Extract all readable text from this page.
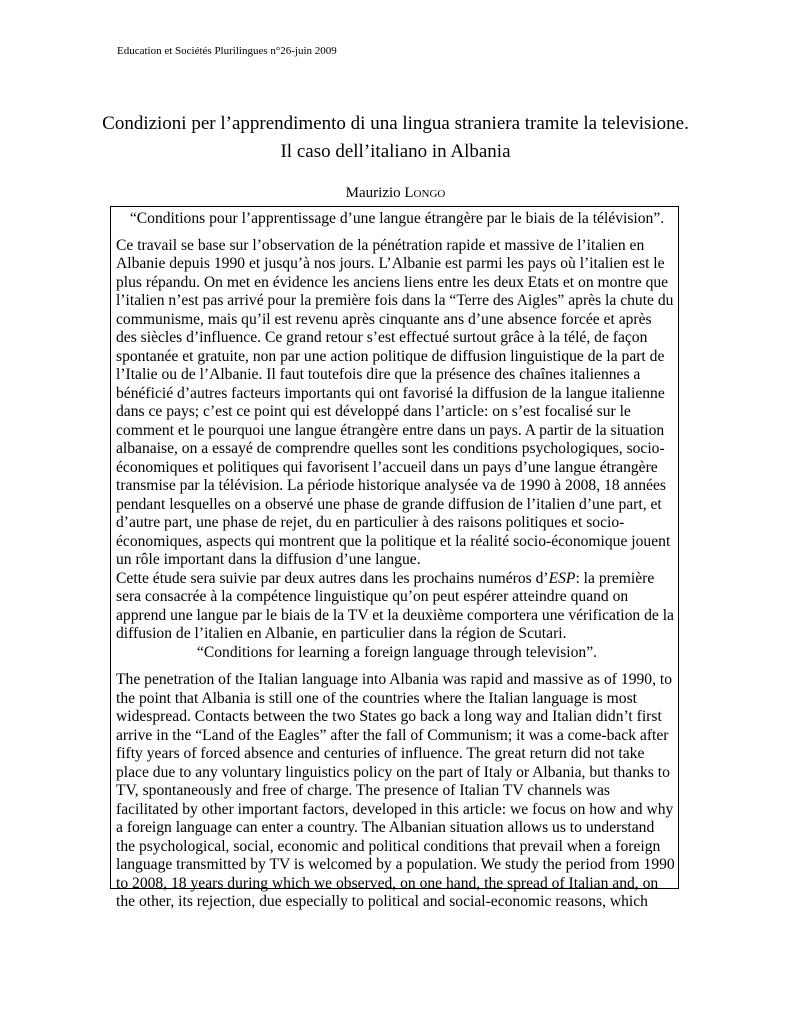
Education et Sociétés Plurilingues n°26-juin 2009
Condizioni per l’apprendimento di una lingua straniera tramite la televisione.
Il caso dell’italiano in Albania
Maurizio Longo

“Conditions pour l’apprentissage d’une langue étrangère par le biais de la télévision”.

Ce travail se base sur l’observation de la pénétration rapide et massive de l’italien en Albanie depuis 1990 et jusqu’à nos jours. L’Albanie est parmi les pays où l’italien est le plus répandu. On met en évidence les anciens liens entre les deux Etats et on montre que l’italien n’est pas arrivé pour la première fois dans la “Terre des Aigles” après la chute du communisme, mais qu’il est revenu après cinquante ans d’une absence forcée et après des siècles d’influence. Ce grand retour s’est effectué surtout grâce à la télé, de façon spontanée et gratuite, non par une action politique de diffusion linguistique de la part de l’Italie ou de l’Albanie. Il faut toutefois dire que la présence des chaînes italiennes a bénéficié d’autres facteurs importants qui ont favorisé la diffusion de la langue italienne dans ce pays; c’est ce point qui est développé dans l’article: on s’est focalisé sur le comment et le pourquoi une langue étrangère entre dans un pays. A partir de la situation albanaise, on a essayé de comprendre quelles sont les conditions psychologiques, socio-économiques et politiques qui favorisent l’accueil dans un pays d’une langue étrangère transmise par la télévision. La période historique analysée va de 1990 à 2008, 18 années pendant lesquelles on a observé une phase de grande diffusion de l’italien d’une part, et d’autre part, une phase de rejet, du en particulier à des raisons politiques et socio-économiques, aspects qui montrent que la politique et la réalité socio-économique jouent un rôle important dans la diffusion d’une langue.

Cette étude sera suivie par deux autres dans les prochains numéros d’ESP: la première sera consacrée à la compétence linguistique qu’on peut espérer atteindre quand on apprend une langue par le biais de la TV et la deuxième comportera une vérification de la diffusion de l’italien en Albanie, en particulier dans la région de Scutari.

“Conditions for learning a foreign language through television”.

The penetration of the Italian language into Albania was rapid and massive as of 1990, to the point that Albania is still one of the countries where the Italian language is most widespread. Contacts between the two States go back a long way and Italian didn’t first arrive in the “Land of the Eagles” after the fall of Communism; it was a come-back after fifty years of forced absence and centuries of influence. The great return did not take place due to any voluntary linguistics policy on the part of Italy or Albania, but thanks to TV, spontaneously and free of charge. The presence of Italian TV channels was facilitated by other important factors, developed in this article: we focus on how and why a foreign language can enter a country. The Albanian situation allows us to understand the psychological, social, economic and political conditions that prevail when a foreign language transmitted by TV is welcomed by a population. We study the period from 1990 to 2008, 18 years during which we observed, on one hand, the spread of Italian and, on the other, its rejection, due especially to political and social-economic reasons, which
